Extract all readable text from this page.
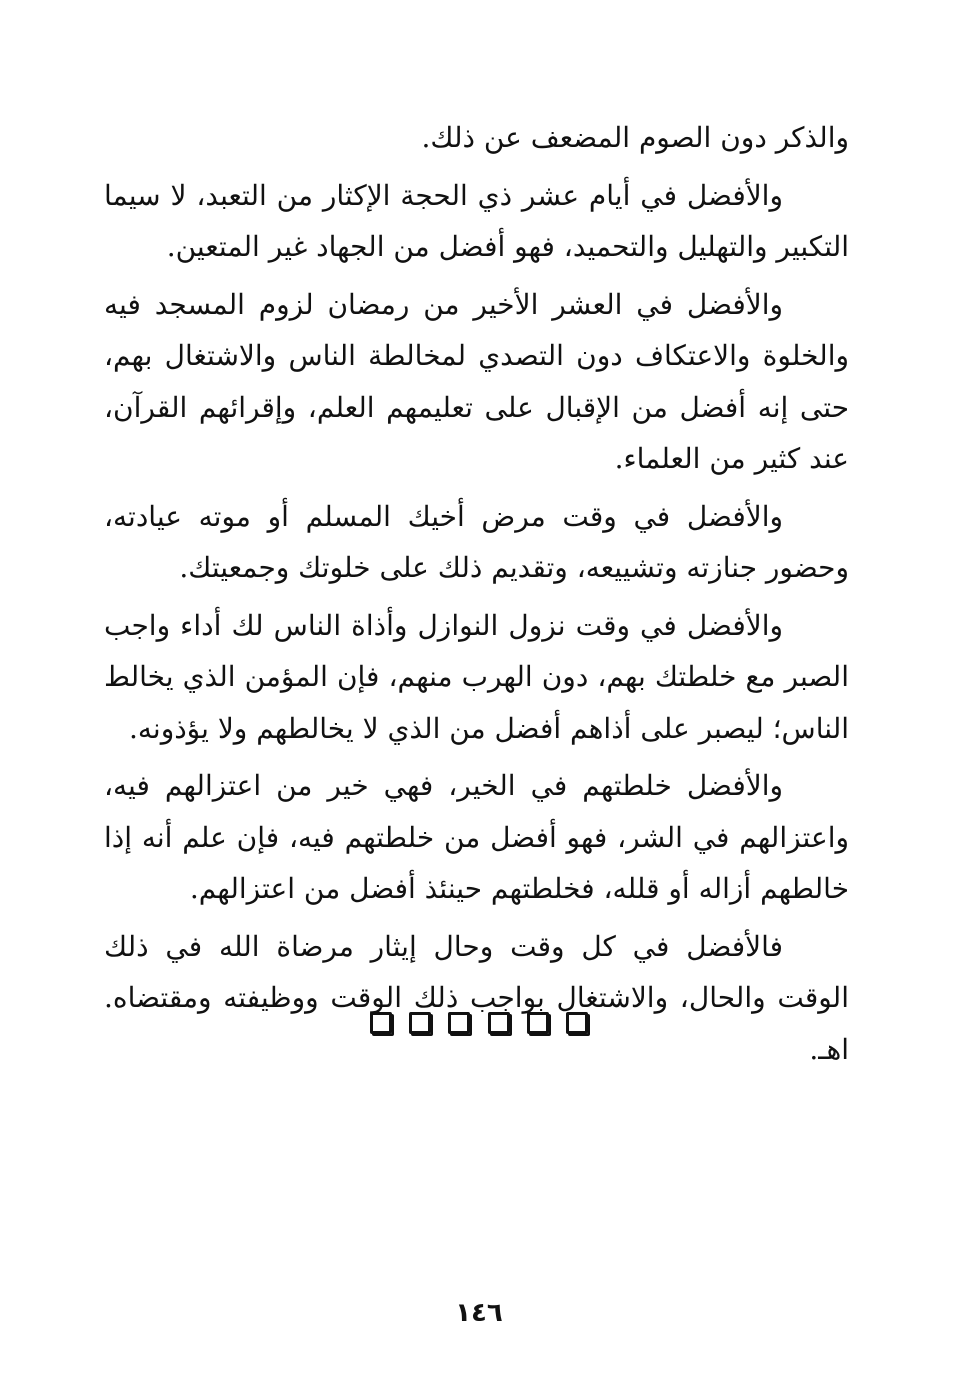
والذكر دون الصوم المضعف عن ذلك.

والأفضل في أيام عشر ذي الحجة الإكثار من التعبد، لا سيما التكبير والتهليل والتحميد، فهو أفضل من الجهاد غير المتعين.

والأفضل في العشر الأخير من رمضان لزوم المسجد فيه والخلوة والاعتكاف دون التصدي لمخالطة الناس والاشتغال بهم، حتى إنه أفضل من الإقبال على تعليمهم العلم، وإقرائهم القرآن، عند كثير من العلماء.

والأفضل في وقت مرض أخيك المسلم أو موته عيادته، وحضور جنازته وتشييعه، وتقديم ذلك على خلوتك وجمعيتك.

والأفضل في وقت نزول النوازل وأذاة الناس لك أداء واجب الصبر مع خلطتك بهم، دون الهرب منهم، فإن المؤمن الذي يخالط الناس؛ ليصبر على أذاهم أفضل من الذي لا يخالطهم ولا يؤذونه.

والأفضل خلطتهم في الخير، فهي خير من اعتزالهم فيه، واعتزالهم في الشر، فهو أفضل من خلطتهم فيه، فإن علم أنه إذا خالطهم أزاله أو قلله، فخلطتهم حينئذ أفضل من اعتزالهم.

فالأفضل في كل وقت وحال إيثار مرضاة الله في ذلك الوقت والحال، والاشتغال بواجب ذلك الوقت ووظيفته ومقتضاه. اهـ.

١٤٦
